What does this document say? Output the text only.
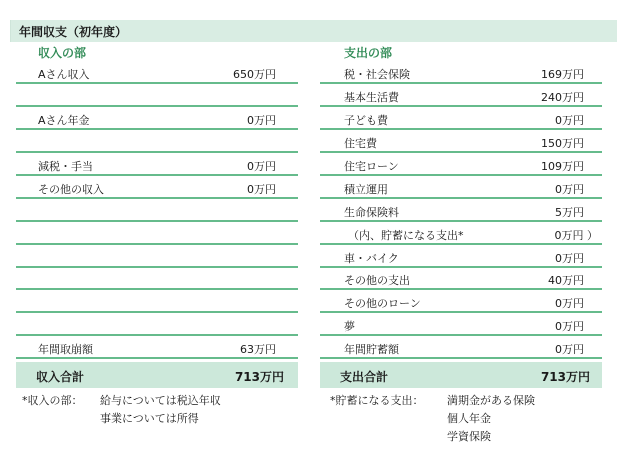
年間収支（初年度）
収入の部	支出の部
Aさん収入	650万円
Aさん年金	0万円
減税・手当	0万円
その他の収入	0万円
年間取崩額	63万円
税・社会保険	169万円
基本生活費	240万円
子ども費	0万円
住宅費	150万円
住宅ローン	109万円
積立運用	0万円
生命保険料	5万円
（内、貯蓄になる支出*	0万円 ）
車・バイク	0万円
その他の支出	40万円
その他のローン	0万円
夢	0万円
年間貯蓄額	0万円
収入合計	713万円	支出合計	713万円
*収入の部： 給与については税込年収
事業については所得
*貯蓄になる支出： 満期金がある保険
個人年金
学資保険
